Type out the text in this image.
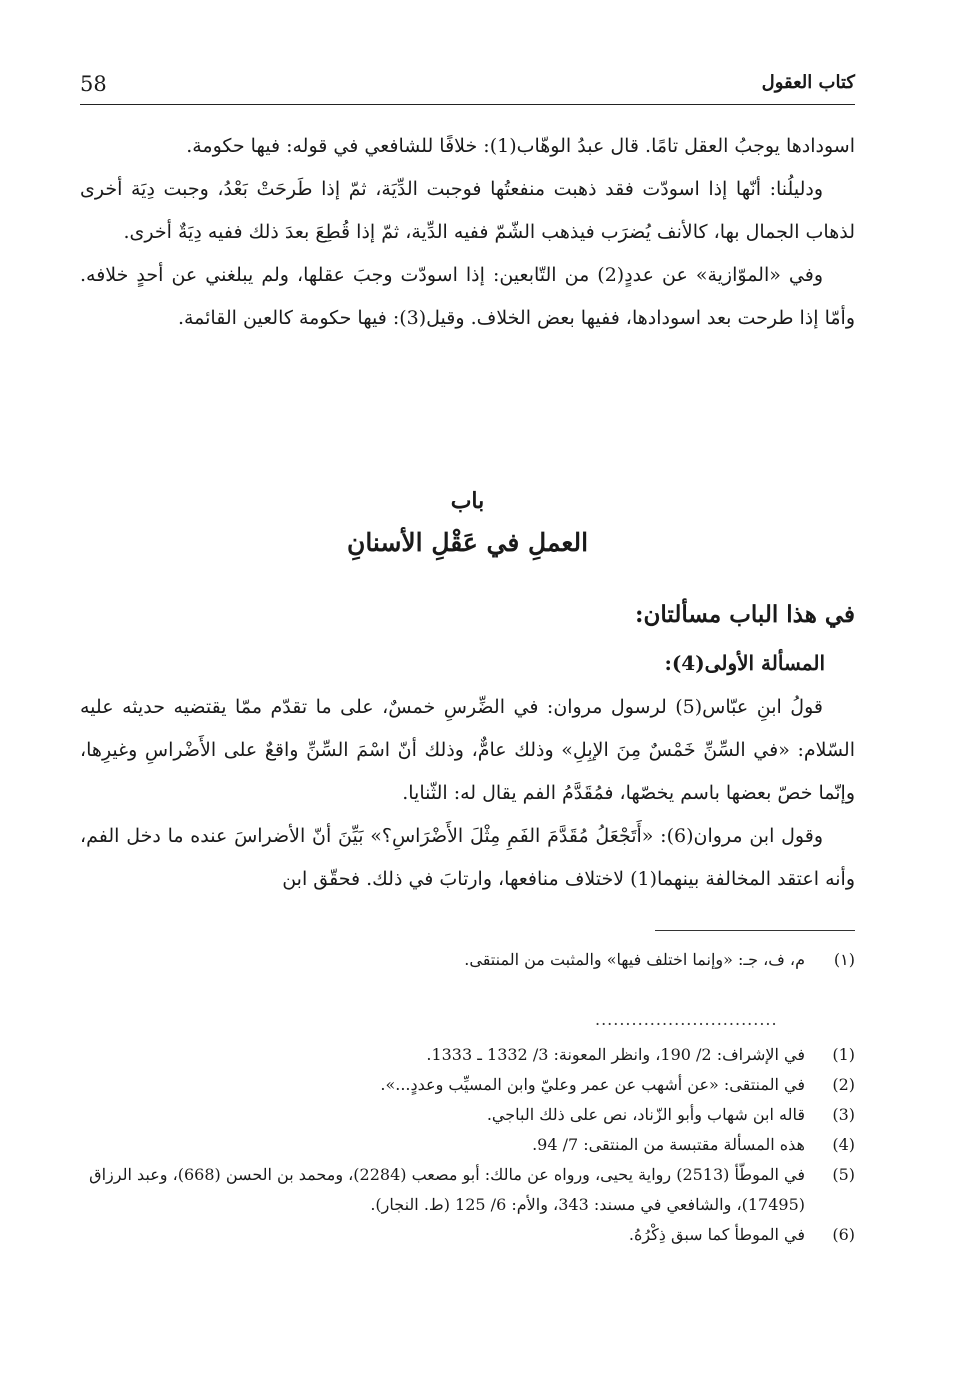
58	كتاب العقول

اسودادها يوجبُ العقل تامًا. قال عبدُ الوهّاب(1): خلافًا للشافعي في قوله: فيها حكومة.

ودليلُنا: أنّها إذا اسودّت فقد ذهبت منفعتُها فوجبت الدِّيَة، ثمّ إذا طَرحَتْ بَعْدُ، وجبت دِيَة أخرى لذهاب الجمال بها، كالأنف يُضرَب فيذهب الشّمّ ففيه الدِّية، ثمّ إذا قُطِعَ بعدَ ذلك ففيه دِيَةٌ أخرى.

وفي «الموّازية» عن عددٍ(2) من التّابعين: إذا اسودّت وجبَ عقلها، ولم يبلغني عن أحدٍ خلافه. وأمّا إذا طرحت بعد اسودادها، ففيها بعض الخلاف. وقيل(3): فيها حكومة كالعين القائمة.

باب
العملِ في عَقْلِ الأسنانِ
في هذا الباب مسألتان:
المسألة الأولى(4):

قولُ ابنِ عبّاس(5) لرسول مروان: في الضِّرسِ خمسٌ، على ما تقدّم ممّا يقتضيه حديثه عليه السّلام: «في السِّنِّ خَمْسٌ مِنَ الإبِلِ» وذلك عامٌّ، وذلك أنّ اسْمَ السِّنِّ واقعٌ على الأَضْراسِ وغيرِها، وإنّما خصّ بعضها باسم يخصّها، فمُقَدَّمُ الفم يقال له: الثّنايا.

وقول ابن مروان(6): «أَتَجْعَلُ مُقَدَّمَ الفَمِ مِثْلَ الأَضْرَاسِ؟» بَيِّنَ أنّ الأضراسَ عنده ما دخل الفم، وأنه اعتقد المخالفة بينهما(1) لاختلاف منافعها، وارتابَ في ذلك. فحقّق ابن

(١)
م، ف، جـ: «وإنما اختلف فيها» والمثبت من المنتقى.
..............................
(1)
في الإشراف: 2/ 190، وانظر المعونة: 3/ 1332 ـ 1333.
(2)
في المنتقى: «عن أشهب عن عمر وعليّ وابن المسيِّب وعددٍ...».
(3)
قاله ابن شهاب وأبو الزّناد، نص على ذلك الباجي.
(4)
هذه المسألة مقتبسة من المنتقى: 7/ 94.
(5)
في الموطّأ (2513) رواية يحيى، ورواه عن مالك: أبو مصعب (2284)، ومحمد بن الحسن (668)، وعبد الرزاق (17495)، والشافعي في مسند: 343، والأم: 6/ 125 (ط. النجار).
(6)
في الموطأ كما سبق ذِكْرُهُ.
